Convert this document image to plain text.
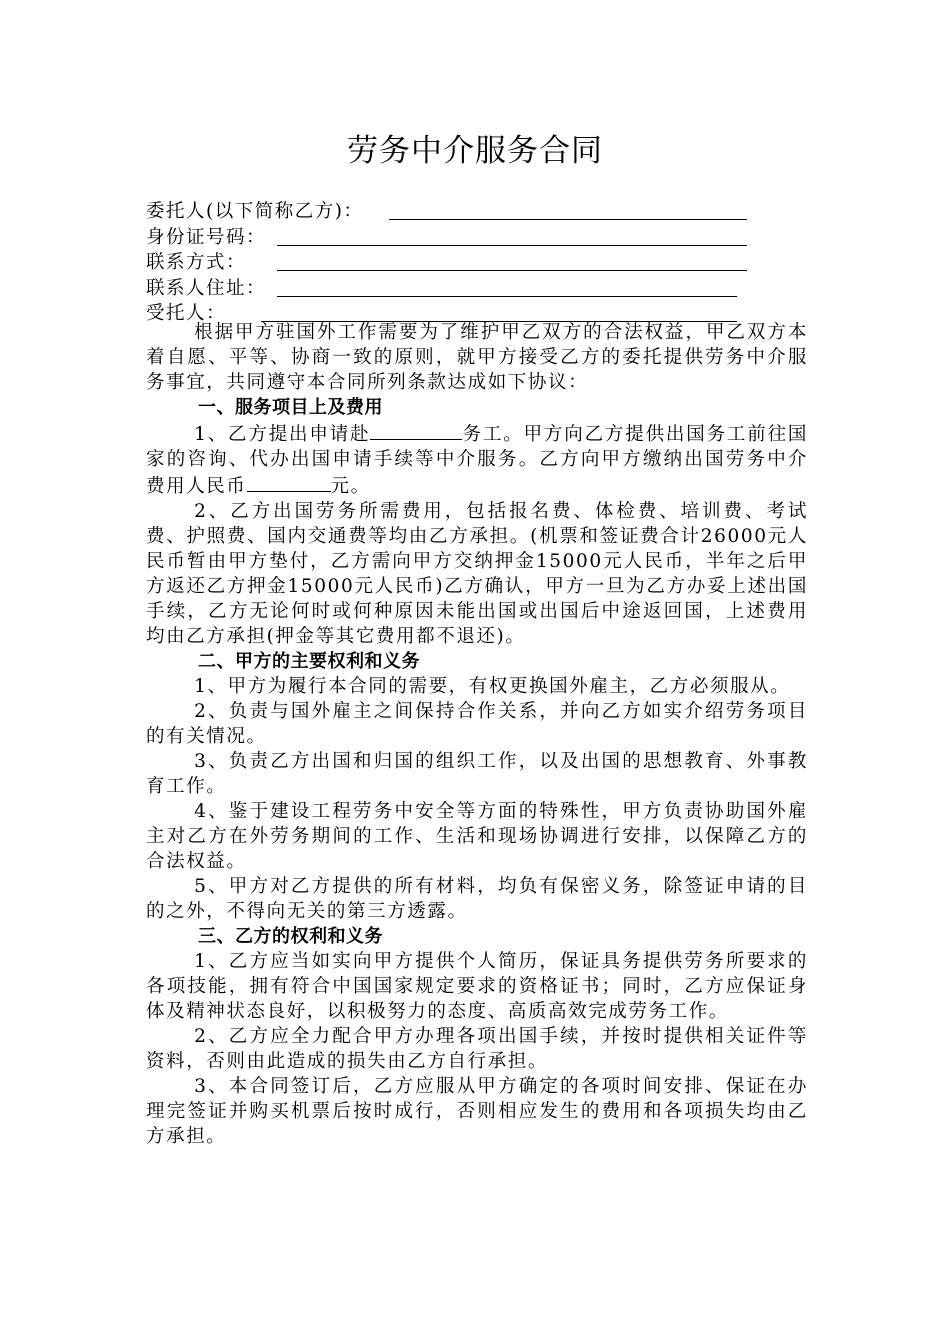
劳务中介服务合同
委托人(以下简称乙方)：
身份证号码：
联系方式：
联系人住址：
受托人：

根据甲方驻国外工作需要为了维护甲乙双方的合法权益，甲乙双方本着自愿、平等、协商一致的原则，就甲方接受乙方的委托提供劳务中介服务事宜，共同遵守本合同所列条款达成如下协议：

一、服务项目上及费用

1、乙方提出申请赴	务工。甲方向乙方提供出国务工前往国家的咨询、代办出国申请手续等中介服务。乙方向甲方缴纳出国劳务中介费用人民币	元。

2、乙方出国劳务所需费用，包括报名费、体检费、培训费、考试费、护照费、国内交通费等均由乙方承担。(机票和签证费合计26000元人民币暂由甲方垫付，乙方需向甲方交纳押金15000元人民币，半年之后甲方返还乙方押金15000元人民币)乙方确认，甲方一旦为乙方办妥上述出国手续，乙方无论何时或何种原因未能出国或出国后中途返回国，上述费用均由乙方承担(押金等其它费用都不退还)。

二、甲方的主要权利和义务

1、甲方为履行本合同的需要，有权更换国外雇主，乙方必须服从。

2、负责与国外雇主之间保持合作关系，并向乙方如实介绍劳务项目的有关情况。

3、负责乙方出国和归国的组织工作，以及出国的思想教育、外事教育工作。

4、鉴于建设工程劳务中安全等方面的特殊性，甲方负责协助国外雇主对乙方在外劳务期间的工作、生活和现场协调进行安排，以保障乙方的合法权益。

5、甲方对乙方提供的所有材料，均负有保密义务，除签证申请的目的之外，不得向无关的第三方透露。

三、乙方的权利和义务

1、乙方应当如实向甲方提供个人简历，保证具务提供劳务所要求的各项技能，拥有符合中国国家规定要求的资格证书；同时，乙方应保证身体及精神状态良好，以积极努力的态度、高质高效完成劳务工作。

2、乙方应全力配合甲方办理各项出国手续，并按时提供相关证件等资料，否则由此造成的损失由乙方自行承担。

3、本合同签订后，乙方应服从甲方确定的各项时间安排、保证在办理完签证并购买机票后按时成行，否则相应发生的费用和各项损失均由乙方承担。
